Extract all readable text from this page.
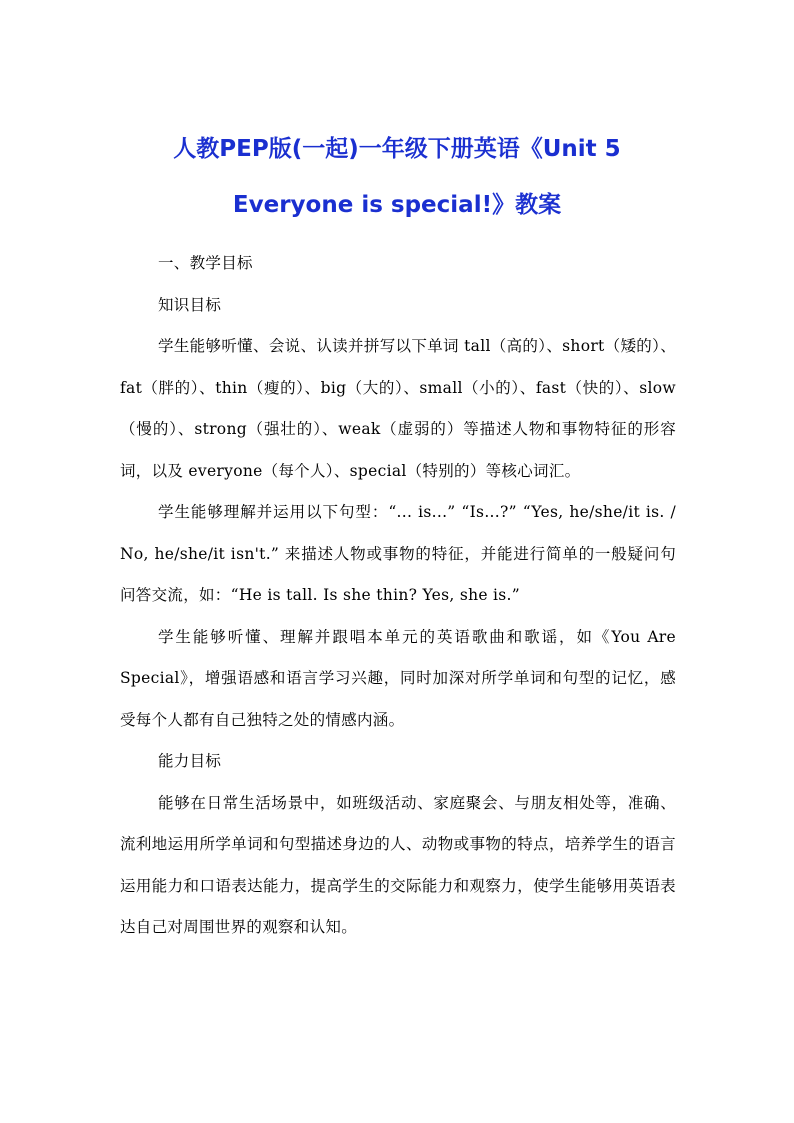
人教PEP版(一起)一年级下册英语《Unit 5
Everyone is special!》教案

一、教学目标

知识目标

学生能够听懂、会说、认读并拼写以下单词 tall（高的）、short（矮的）、fat（胖的）、thin（瘦的）、big（大的）、small（小的）、fast（快的）、slow（慢的）、strong（强壮的）、weak（虚弱的）等描述人物和事物特征的形容词，以及 everyone（每个人）、special（特别的）等核心词汇。

学生能够理解并运用以下句型：“... is...” “Is...?” “Yes, he/she/it is. / No, he/she/it isn't.” 来描述人物或事物的特征，并能进行简单的一般疑问句问答交流，如：“He is tall. Is she thin? Yes, she is.”

学生能够听懂、理解并跟唱本单元的英语歌曲和歌谣，如《You Are Special》，增强语感和语言学习兴趣，同时加深对所学单词和句型的记忆，感受每个人都有自己独特之处的情感内涵。

能力目标

能够在日常生活场景中，如班级活动、家庭聚会、与朋友相处等，准确、流利地运用所学单词和句型描述身边的人、动物或事物的特点，培养学生的语言运用能力和口语表达能力，提高学生的交际能力和观察力，使学生能够用英语表达自己对周围世界的观察和认知。
